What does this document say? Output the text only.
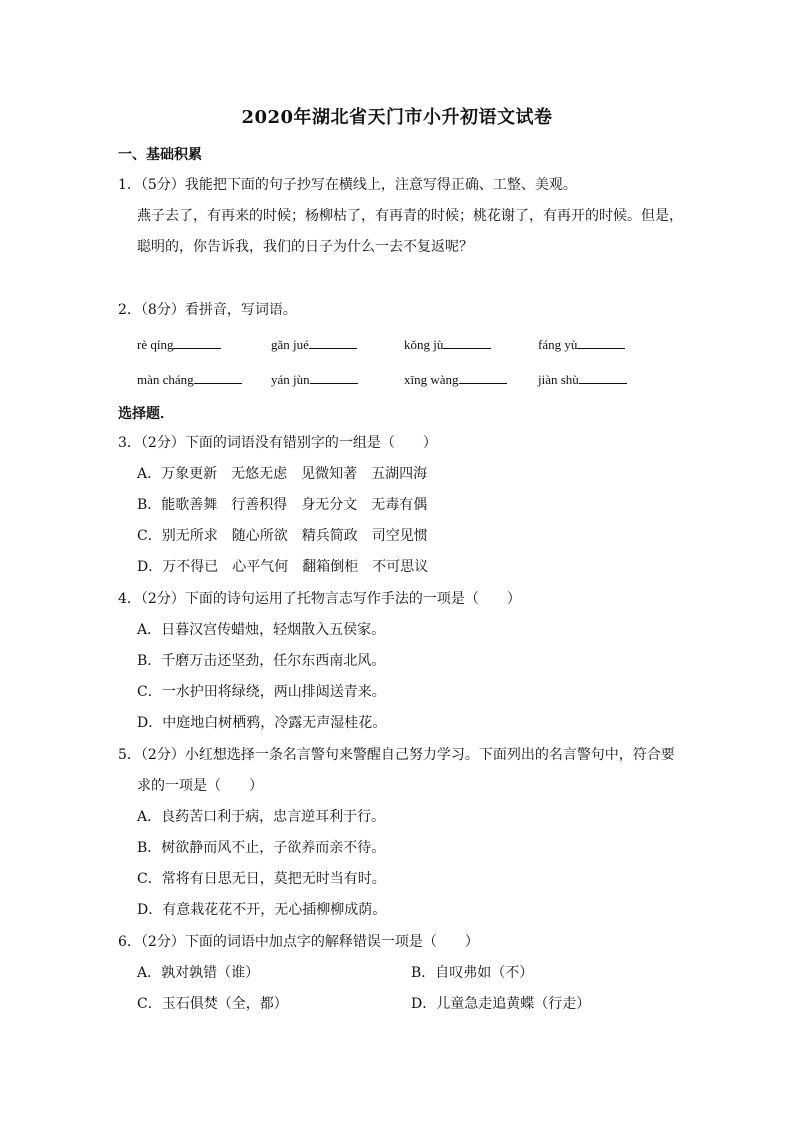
2020年湖北省天门市小升初语文试卷
一、基础积累
1．（5分）我能把下面的句子抄写在横线上，注意写得正确、工整、美观。
燕子去了，有再来的时候；杨柳枯了，有再青的时候；桃花谢了，有再开的时候。但是，
聪明的，你告诉我，我们的日子为什么一去不复返呢？
2．（8分）看拼音，写词语。
rè qíng	gǎn jué	kǒng jù	fáng yù
màn cháng	yán jùn	xīng wàng	jiàn shù
选择题．
3．（2分）下面的词语没有错别字的一组是（　　）
A．万象更新 无悠无虑 见微知著 五湖四海
B．能歌善舞 行善积得 身无分文 无毒有偶
C．别无所求 随心所欲 精兵简政 司空见惯
D．万不得已 心平气何 翻箱倒柜 不可思议
4．（2分）下面的诗句运用了托物言志写作手法的一项是（　　）
A．日暮汉宫传蜡烛，轻烟散入五侯家。
B．千磨万击还坚劲，任尔东西南北风。
C．一水护田将绿绕，两山排闼送青来。
D．中庭地白树栖鸦，冷露无声湿桂花。
5．（2分）小红想选择一条名言警句来警醒自己努力学习。下面列出的名言警句中，符合要
求的一项是（　　）
A．良药苦口利于病，忠言逆耳利于行。
B．树欲静而风不止，子欲养而亲不待。
C．常将有日思无日，莫把无时当有时。
D．有意栽花花不开，无心插柳柳成荫。
6．（2分）下面的词语中加点字的解释错误一项是（　　）
A．孰对孰错（谁）	B．自叹弗如（不）
C．玉石俱焚（全，都）	D．儿童急走追黄蝶（行走）
